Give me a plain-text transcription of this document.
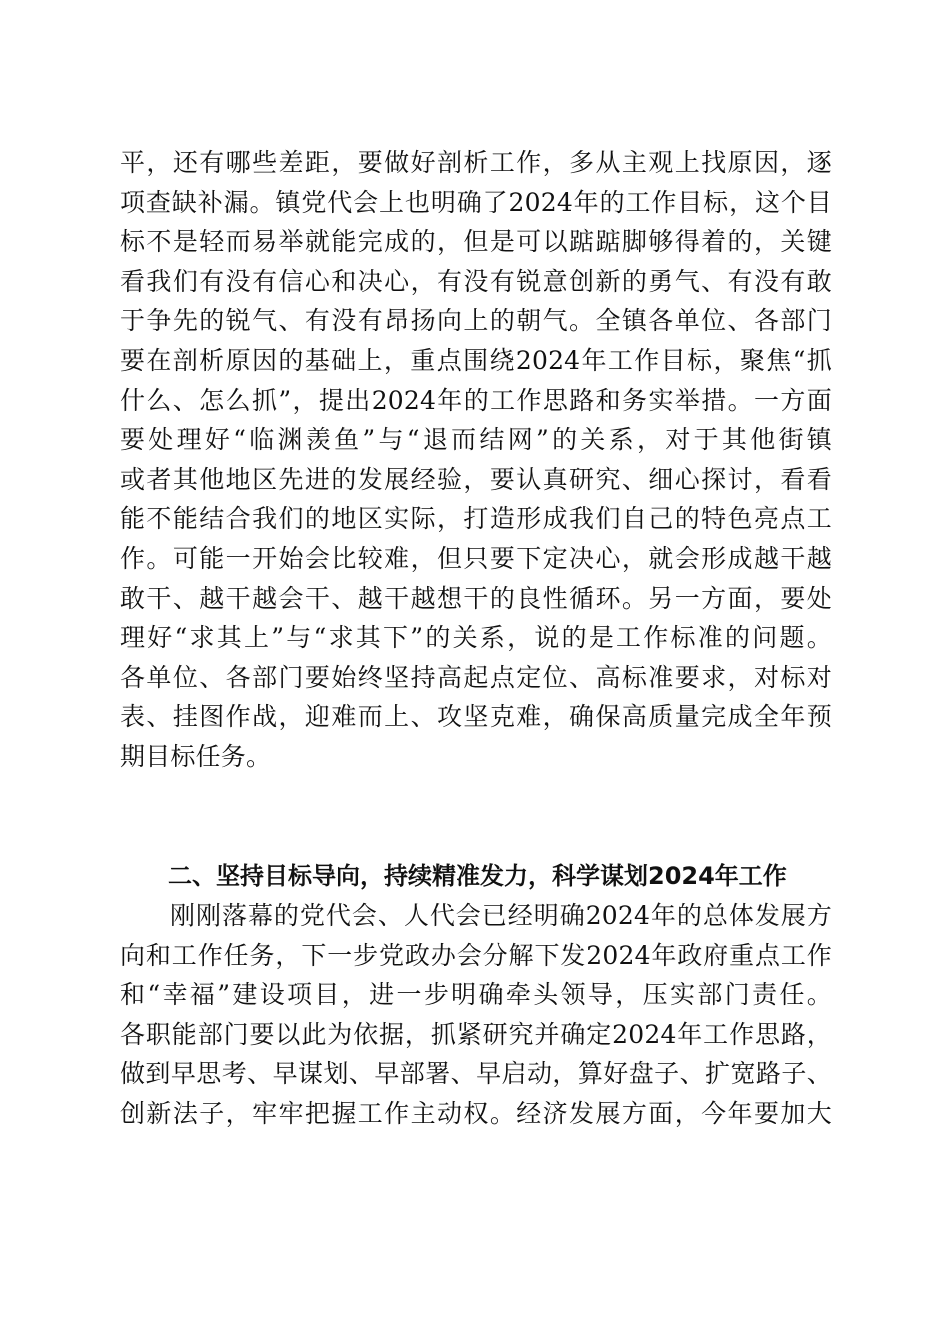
平，还有哪些差距，要做好剖析工作，多从主观上找原因，逐
项查缺补漏。镇党代会上也明确了2024年的工作目标，这个目
标不是轻而易举就能完成的，但是可以踮踮脚够得着的，关键
看我们有没有信心和决心，有没有锐意创新的勇气、有没有敢
于争先的锐气、有没有昂扬向上的朝气。全镇各单位、各部门
要在剖析原因的基础上，重点围绕2024年工作目标，聚焦“抓
什么、怎么抓”，提出2024年的工作思路和务实举措。一方面
要处理好“临渊羡鱼”与“退而结网”的关系，对于其他街镇
或者其他地区先进的发展经验，要认真研究、细心探讨，看看
能不能结合我们的地区实际，打造形成我们自己的特色亮点工
作。可能一开始会比较难，但只要下定决心，就会形成越干越
敢干、越干越会干、越干越想干的良性循环。另一方面，要处
理好“求其上”与“求其下”的关系，说的是工作标准的问题。
各单位、各部门要始终坚持高起点定位、高标准要求，对标对
表、挂图作战，迎难而上、攻坚克难，确保高质量完成全年预
期目标任务。
二、坚持目标导向，持续精准发力，科学谋划2024年工作
刚刚落幕的党代会、人代会已经明确2024年的总体发展方
向和工作任务，下一步党政办会分解下发2024年政府重点工作
和“幸福”建设项目，进一步明确牵头领导，压实部门责任。
各职能部门要以此为依据，抓紧研究并确定2024年工作思路，
做到早思考、早谋划、早部署、早启动，算好盘子、扩宽路子、
创新法子，牢牢把握工作主动权。经济发展方面，今年要加大
